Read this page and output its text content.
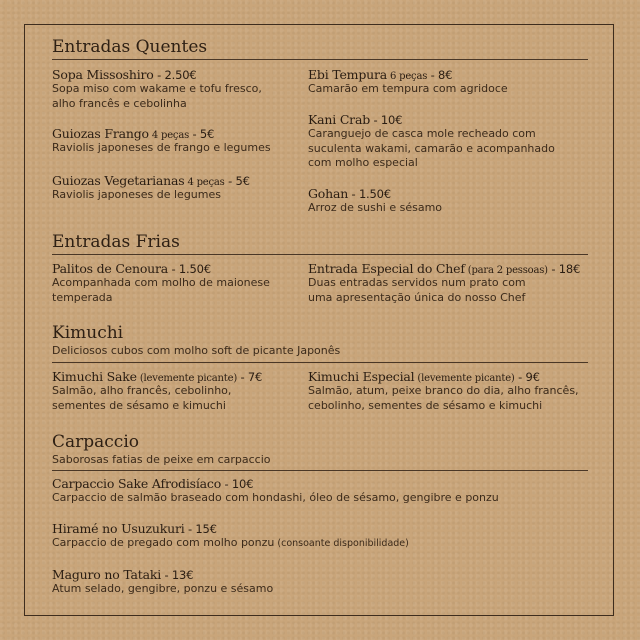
Entradas Quentes
Sopa Missoshiro - 2.50€
Sopa miso com wakame e tofu fresco,
alho francês e cebolinha
Guiozas Frango 4 peças - 5€
Raviolis japoneses de frango e legumes
Guiozas Vegetarianas 4 peças - 5€
Raviolis japoneses de legumes
Ebi Tempura 6 peças - 8€
Camarão em tempura com agridoce
Kani Crab - 10€
Caranguejo de casca mole recheado com
suculenta wakami, camarão e acompanhado
com molho especial
Gohan - 1.50€
Arroz de sushi e sésamo
Entradas Frias
Palitos de Cenoura - 1.50€
Acompanhada com molho de maionese
temperada
Entrada Especial do Chef (para 2 pessoas) - 18€
Duas entradas servidos num prato com
uma apresentação única do nosso Chef
Kimuchi
Deliciosos cubos com molho soft de picante Japonês
Kimuchi Sake (levemente picante) - 7€
Salmão, alho francês, cebolinho,
sementes de sésamo e kimuchi
Kimuchi Especial (levemente picante) - 9€
Salmão, atum, peixe branco do dia, alho francês,
cebolinho, sementes de sésamo e kimuchi
Carpaccio
Saborosas fatias de peixe em carpaccio
Carpaccio Sake Afrodisíaco - 10€
Carpaccio de salmão braseado com hondashi, óleo de sésamo, gengibre e ponzu
Hiramé no Usuzukuri - 15€
Carpaccio de pregado com molho ponzu (consoante disponibilidade)
Maguro no Tataki - 13€
Atum selado, gengibre, ponzu e sésamo
